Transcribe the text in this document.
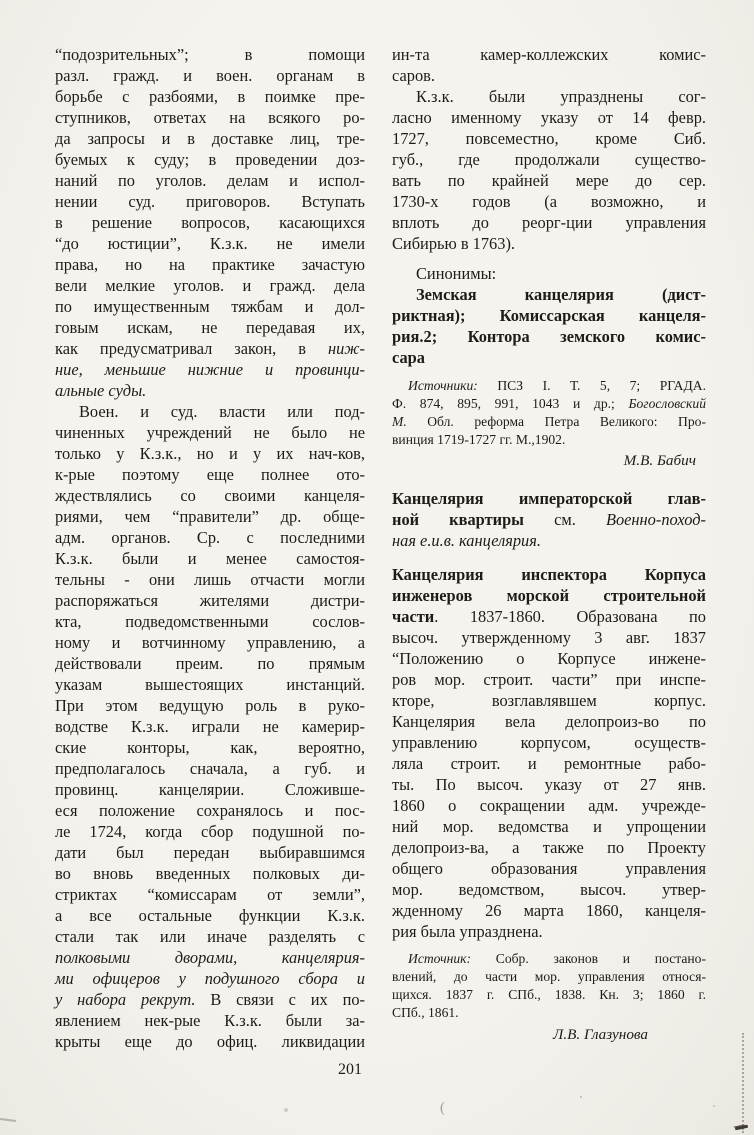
“подозрительных”; в помощи
разл. гражд. и воен. органам в
борьбе с разбоями, в поимке пре-
ступников, ответах на всякого ро-
да запросы и в доставке лиц, тре-
буемых к суду; в проведении доз-
наний по уголов. делам и испол-
нении суд. приговоров. Вступать
в решение вопросов, касающихся
“до юстиции”, К.з.к. не имели
права, но на практике зачастую
вели мелкие уголов. и гражд. дела
по имущественным тяжбам и дол-
говым искам, не передавая их,
как предусматривал закон, в ниж-
ние, меньшие нижние и провинци-
альные суды.
Воен. и суд. власти или под-
чиненных учреждений не было не
только у К.з.к., но и у их нач-ков,
к-рые поэтому еще полнее ото-
ждествлялись со своими канцеля-
риями, чем “правители” др. обще-
адм. органов. Ср. с последними
К.з.к. были и менее самостоя-
тельны - они лишь отчасти могли
распоряжаться жителями дистри-
кта, подведомственными сослов-
ному и вотчинному управлению, а
действовали преим. по прямым
указам вышестоящих инстанций.
При этом ведущую роль в руко-
водстве К.з.к. играли не камерир-
ские конторы, как, вероятно,
предполагалось сначала, а губ. и
провинц. канцелярии. Сложивше-
еся положение сохранялось и пос-
ле 1724, когда сбор подушной по-
дати был передан выбиравшимся
во вновь введенных полковых ди-
стриктах “комиссарам от земли”,
а все остальные функции К.з.к.
стали так или иначе разделять с
полковыми дворами, канцелярия-
ми офицеров у подушного сбора и
у набора рекрут. В связи с их по-
явлением нек-рые К.з.к. были за-
крыты еще до офиц. ликвидации
ин-та камер-коллежских комис-
саров.
К.з.к. были упразднены сог-
ласно именному указу от 14 февр.
1727, повсеместно, кроме Сиб.
губ., где продолжали существо-
вать по крайней мере до сер.
1730-х годов (а возможно, и
вплоть до реорг-ции управления
Сибирью в 1763).
Синонимы:
Земская канцелярия (дист-
риктная); Комиссарская канцеля-
рия.2; Контора земского комис-
сара
Источники: ПСЗ I. Т. 5, 7; РГАДА.
Ф. 874, 895, 991, 1043 и др.; Богословский
М. Обл. реформа Петра Великого: Про-
винция 1719-1727 гг. М.,1902.
М.В. Бабич
Канцелярия императорской глав-
ной квартиры см. Военно-поход-
ная е.и.в. канцелярия.
Канцелярия инспектора Корпуса
инженеров морской строительной
части. 1837-1860. Образована по
высоч. утвержденному 3 авг. 1837
“Положению о Корпусе инжене-
ров мор. строит. части” при инспе-
кторе, возглавлявшем корпус.
Канцелярия вела делопроиз-во по
управлению корпусом, осуществ-
ляла строит. и ремонтные рабо-
ты. По высоч. указу от 27 янв.
1860 о сокращении адм. учрежде-
ний мор. ведомства и упрощении
делопроиз-ва, а также по Проекту
общего образования управления
мор. ведомством, высоч. утвер-
жденному 26 марта 1860, канцеля-
рия была упразднена.
Источник: Собр. законов и постано-
влений, до части мор. управления относя-
щихся. 1837 г. СПб., 1838. Кн. 3; 1860 г.
СПб., 1861.
Л.В. Глазунова
201
(
